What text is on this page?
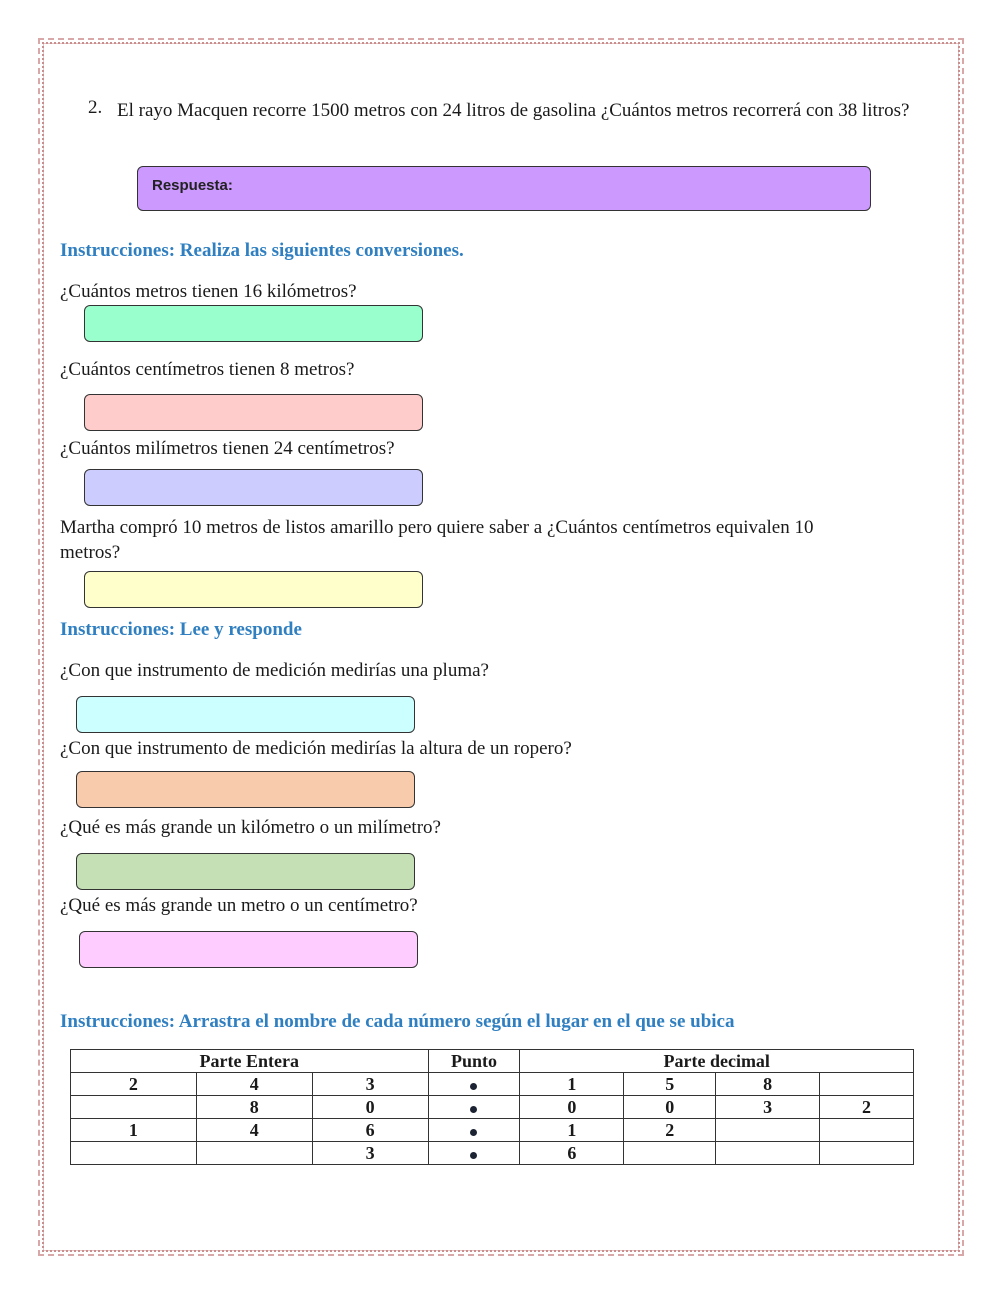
2. El rayo Macquen recorre 1500 metros con 24 litros de gasolina ¿Cuántos metros recorrerá con 38 litros?
Respuesta:
Instrucciones: Realiza las siguientes conversiones.
¿Cuántos metros tienen 16 kilómetros?
¿Cuántos centímetros tienen 8 metros?
¿Cuántos milímetros tienen 24 centímetros?
Martha compró 10 metros de listos amarillo pero quiere saber a ¿Cuántos centímetros equivalen 10
metros?
Instrucciones: Lee y responde
¿Con que instrumento de medición medirías una pluma?
¿Con que instrumento de medición medirías la altura de un ropero?
¿Qué es más grande un kilómetro o un milímetro?
¿Qué es más grande un metro o un centímetro?
Instrucciones: Arrastra el nombre de cada número según el lugar en el que se ubica
Parte Entera			Punto	Parte decimal			
2	4	3		1	5	8	
	8	0		0	0	3	2
1	4	6		1	2		
		3		6			
